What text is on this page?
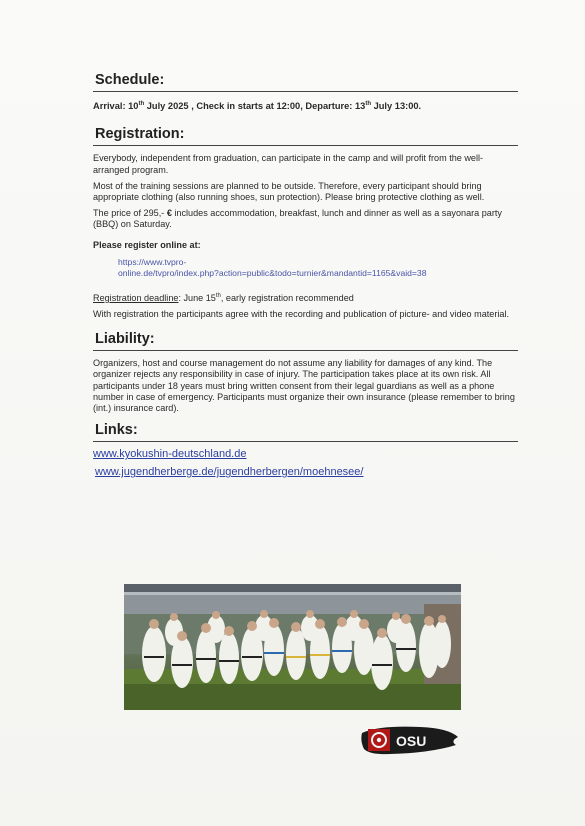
Schedule:

Arrival: 10th July 2025 , Check in starts at 12:00, Departure: 13th July 13:00.

Registration:

Everybody, independent from graduation, can participate in the camp and will profit from the well-arranged program.

Most of the training sessions are planned to be outside. Therefore, every participant should bring appropriate clothing (also running shoes, sun protection). Please bring protective clothing as well.

The price of 295,- € includes accommodation, breakfast, lunch and dinner as well as a sayonara party (BBQ) on Saturday.

Please register online at:

https://www.tvpro-
online.de/tvpro/index.php?action=public&todo=turnier&mandantid=1165&vaid=38

Registration deadline: June 15th, early registration recommended

With registration the participants agree with the recording and publication of picture- and video material.

Liability:

Organizers, host and course management do not assume any liability for damages of any kind. The organizer rejects any responsibility in case of injury. The participation takes place at its own risk. All participants under 18 years must bring written consent from their legal guardians as well as a phone number in case of emergency. Participants must organize their own insurance (please remember to bring (int.) insurance card).

Links:
www.kyokushin-deutschland.de
www.jugendherberge.de/jugendherbergen/moehnesee/
OSU
